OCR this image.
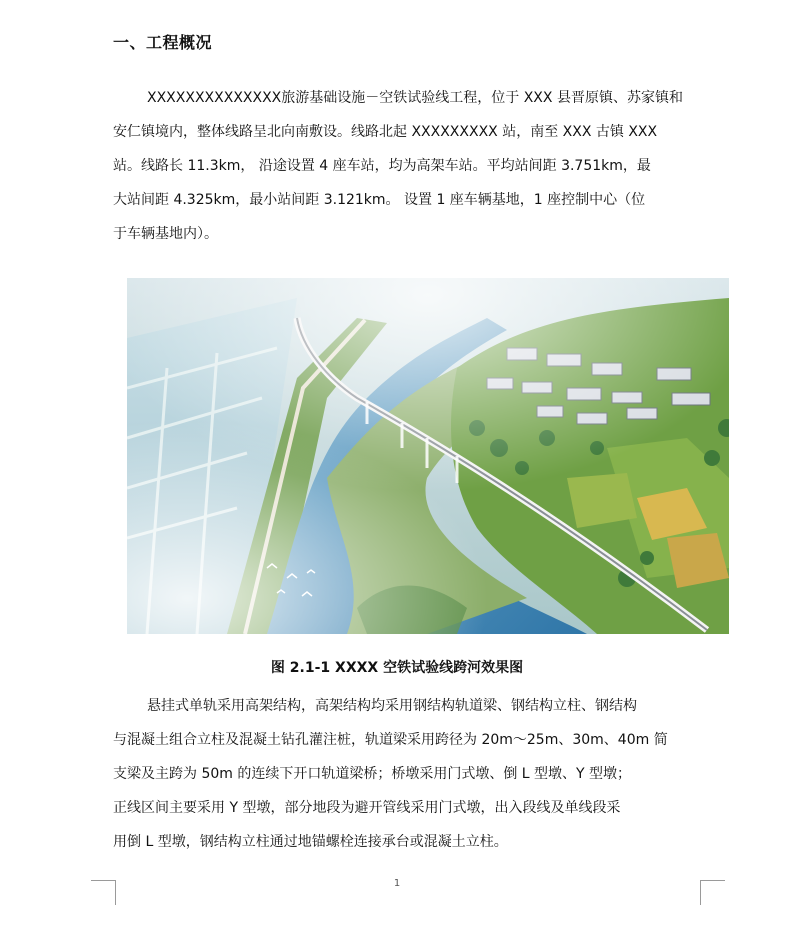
一、工程概况
XXXXXXXXXXXXXX旅游基础设施－空铁试验线工程，位于 XXX 县晋原镇、苏家镇和
安仁镇境内，整体线路呈北向南敷设。线路北起 XXXXXXXXX 站，南至 XXX 古镇 XXX
站。线路长 11.3km， 沿途设置 4 座车站，均为高架车站。平均站间距 3.751km，最
大站间距 4.325km，最小站间距 3.121km。 设置 1 座车辆基地，1 座控制中心（位
于车辆基地内）。

图 2.1-1 XXXX 空铁试验线跨河效果图

悬挂式单轨采用高架结构，高架结构均采用钢结构轨道梁、钢结构立柱、钢结构
与混凝土组合立柱及混凝土钻孔灌注桩，轨道梁采用跨径为 20m～25m、30m、40m 简
支梁及主跨为 50m 的连续下开口轨道梁桥；桥墩采用门式墩、倒 L 型墩、Y 型墩；
正线区间主要采用 Y 型墩，部分地段为避开管线采用门式墩，出入段线及单线段采
用倒 L 型墩，钢结构立柱通过地锚螺栓连接承台或混凝土立柱。
1
